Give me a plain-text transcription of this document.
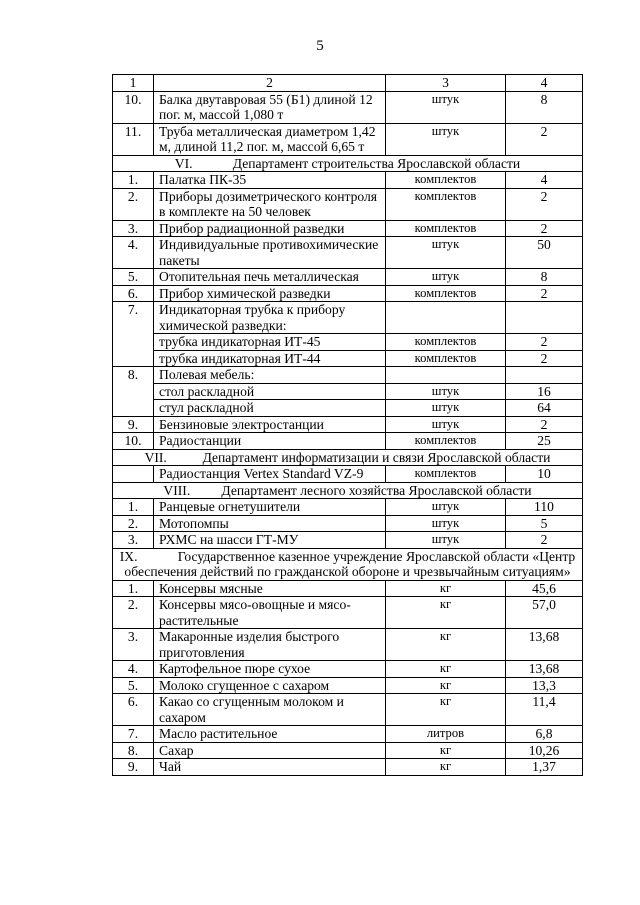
5
1	2	3	4
10.	Балка двутавровая 55 (Б1) длиной 12 пог. м, массой 1,080 т	штук	8
11.	Труба металлическая диаметром 1,42 м, длиной 11,2 пог. м, массой 6,65 т	штук	2
VI. Департамент строительства Ярославской области			
1.	Палатка ПК-35	комплектов	4
2.	Приборы дозиметрического контроля в комплекте на 50 человек	комплектов	2
3.	Прибор радиационной разведки	комплектов	2
4.	Индивидуальные противохимические пакеты	штук	50
5.	Отопительная печь металлическая	штук	8
6.	Прибор химической разведки	комплектов	2
7.	Индикаторная трубка к прибору химической разведки:		
	трубка индикаторная ИТ-45	комплектов	2
	трубка индикаторная ИТ-44	комплектов	2
8.	Полевая мебель:		
	стол раскладной	штук	16
	стул раскладной	штук	64
9.	Бензиновые электростанции	штук	2
10.	Радиостанции	комплектов	25
VII. Департамент информатизации и связи Ярославской области			
	Радиостанция Vertex Standard VZ-9	комплектов	10
VIII. Департамент лесного хозяйства Ярославской области			
1.	Ранцевые огнетушители	штук	110
2.	Мотопомпы	штук	5
3.	РХМС на шасси ГТ-МУ	штук	2
IX. Государственное казенное учреждение Ярославской области «Центр обеспечения действий по гражданской обороне и чрезвычайным ситуациям»			
1.	Консервы мясные	кг	45,6
2.	Консервы мясо-овощные и мясо-растительные	кг	57,0
3.	Макаронные изделия быстрого приготовления	кг	13,68
4.	Картофельное пюре сухое	кг	13,68
5.	Молоко сгущенное с сахаром	кг	13,3
6.	Какао со сгущенным молоком и сахаром	кг	11,4
7.	Масло растительное	литров	6,8
8.	Сахар	кг	10,26
9.	Чай	кг	1,37
